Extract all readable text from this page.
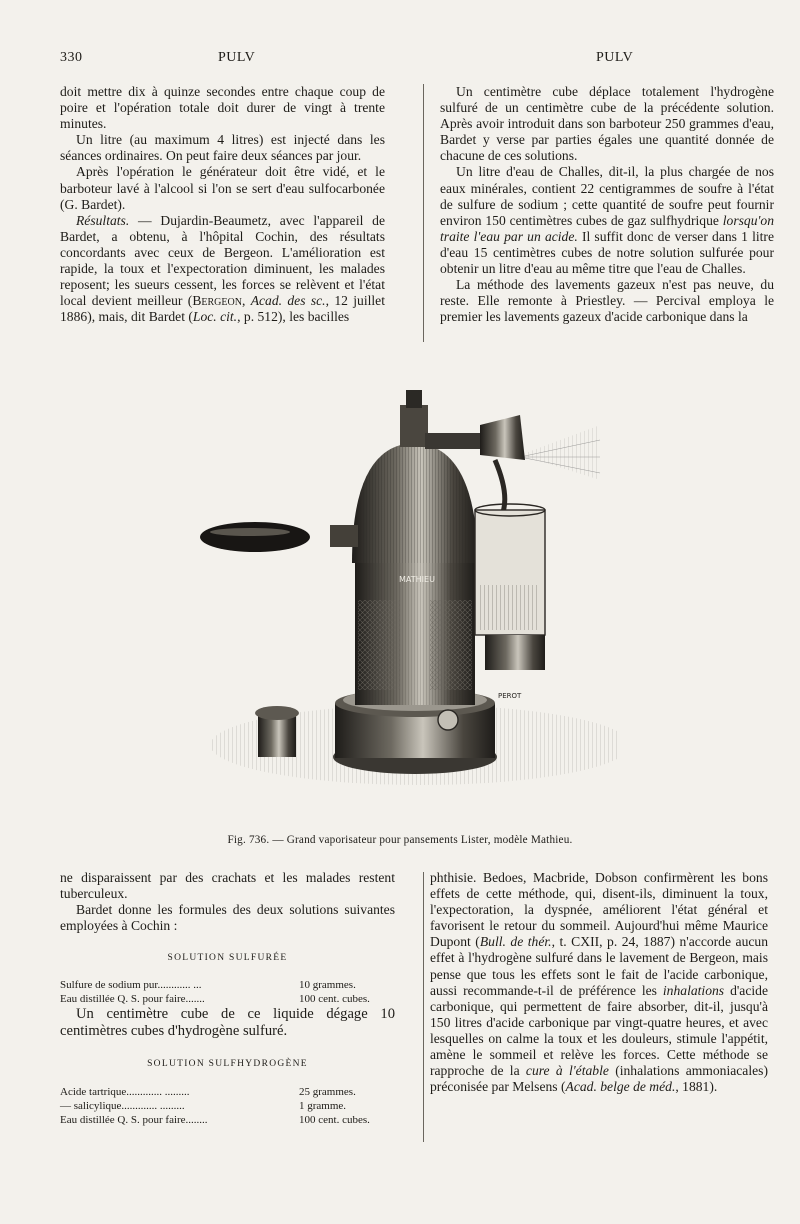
330	PULV	PULV

doit mettre dix à quinze secondes entre chaque coup de poire et l'opération totale doit durer de vingt à trente minutes.

Un litre (au maximum 4 litres) est injecté dans les séances ordinaires. On peut faire deux séances par jour.

Après l'opération le générateur doit être vidé, et le barboteur lavé à l'alcool si l'on se sert d'eau sulfocarbonée (G. Bardet).

Résultats. — Dujardin-Beaumetz, avec l'appareil de Bardet, a obtenu, à l'hôpital Cochin, des résultats concordants avec ceux de Bergeon. L'amélioration est rapide, la toux et l'expectoration diminuent, les malades reposent; les sueurs cessent, les forces se relèvent et l'état local devient meilleur (Bergeon, Acad. des sc., 12 juillet 1886), mais, dit Bardet (Loc. cit., p. 512), les bacilles

Un centimètre cube déplace totalement l'hydrogène sulfuré de un centimètre cube de la précédente solution. Après avoir introduit dans son barboteur 250 grammes d'eau, Bardet y verse par parties égales une quantité donnée de chacune de ces solutions.

Un litre d'eau de Challes, dit-il, la plus chargée de nos eaux minérales, contient 22 centigrammes de soufre à l'état de sulfure de sodium ; cette quantité de soufre peut fournir environ 150 centimètres cubes de gaz sulfhydrique lorsqu'on traite l'eau par un acide. Il suffit donc de verser dans 1 litre d'eau 15 centimètres cubes de notre solution sulfurée pour obtenir un litre d'eau au même titre que l'eau de Challes.

La méthode des lavements gazeux n'est pas neuve, du reste. Elle remonte à Priestley. — Percival employa le premier les lavements gazeux d'acide carbonique dans la

MATHIEU
PEROT
Fig. 736. — Grand vaporisateur pour pansements Lister, modèle Mathieu.

ne disparaissent par des crachats et les malades restent tuberculeux.

Bardet donne les formules des deux solutions suivantes employées à Cochin :

SOLUTION SULFURÉE
Sulfure de sodium pur............ ...	10 grammes.
Eau distillée Q. S. pour faire.......	100 cent. cubes.

Un centimètre cube de ce liquide dégage 10 centimètres cubes d'hydrogène sulfuré.

SOLUTION SULFHYDROGÈNE
Acide tartrique............. .........	25 grammes.
— salicylique............. .........	1 gramme.
Eau distillée Q. S. pour faire........	100 cent. cubes.

phthisie. Bedoes, Macbride, Dobson confirmèrent les bons effets de cette méthode, qui, disent-ils, diminuent la toux, l'expectoration, la dyspnée, améliorent l'état général et favorisent le retour du sommeil. Aujourd'hui même Maurice Dupont (Bull. de thér., t. CXII, p. 24, 1887) n'accorde aucun effet à l'hydrogène sulfuré dans le lavement de Bergeon, mais pense que tous les effets sont le fait de l'acide carbonique, aussi recommande-t-il de préférence les inhalations d'acide carbonique, qui permettent de faire absorber, dit-il, jusqu'à 150 litres d'acide carbonique par vingt-quatre heures, et avec lesquelles on calme la toux et les douleurs, stimule l'appétit, amène le sommeil et relève les forces. Cette méthode se rapproche de la cure à l'étable (inhalations ammoniacales) préconisée par Melsens (Acad. belge de méd., 1881).
